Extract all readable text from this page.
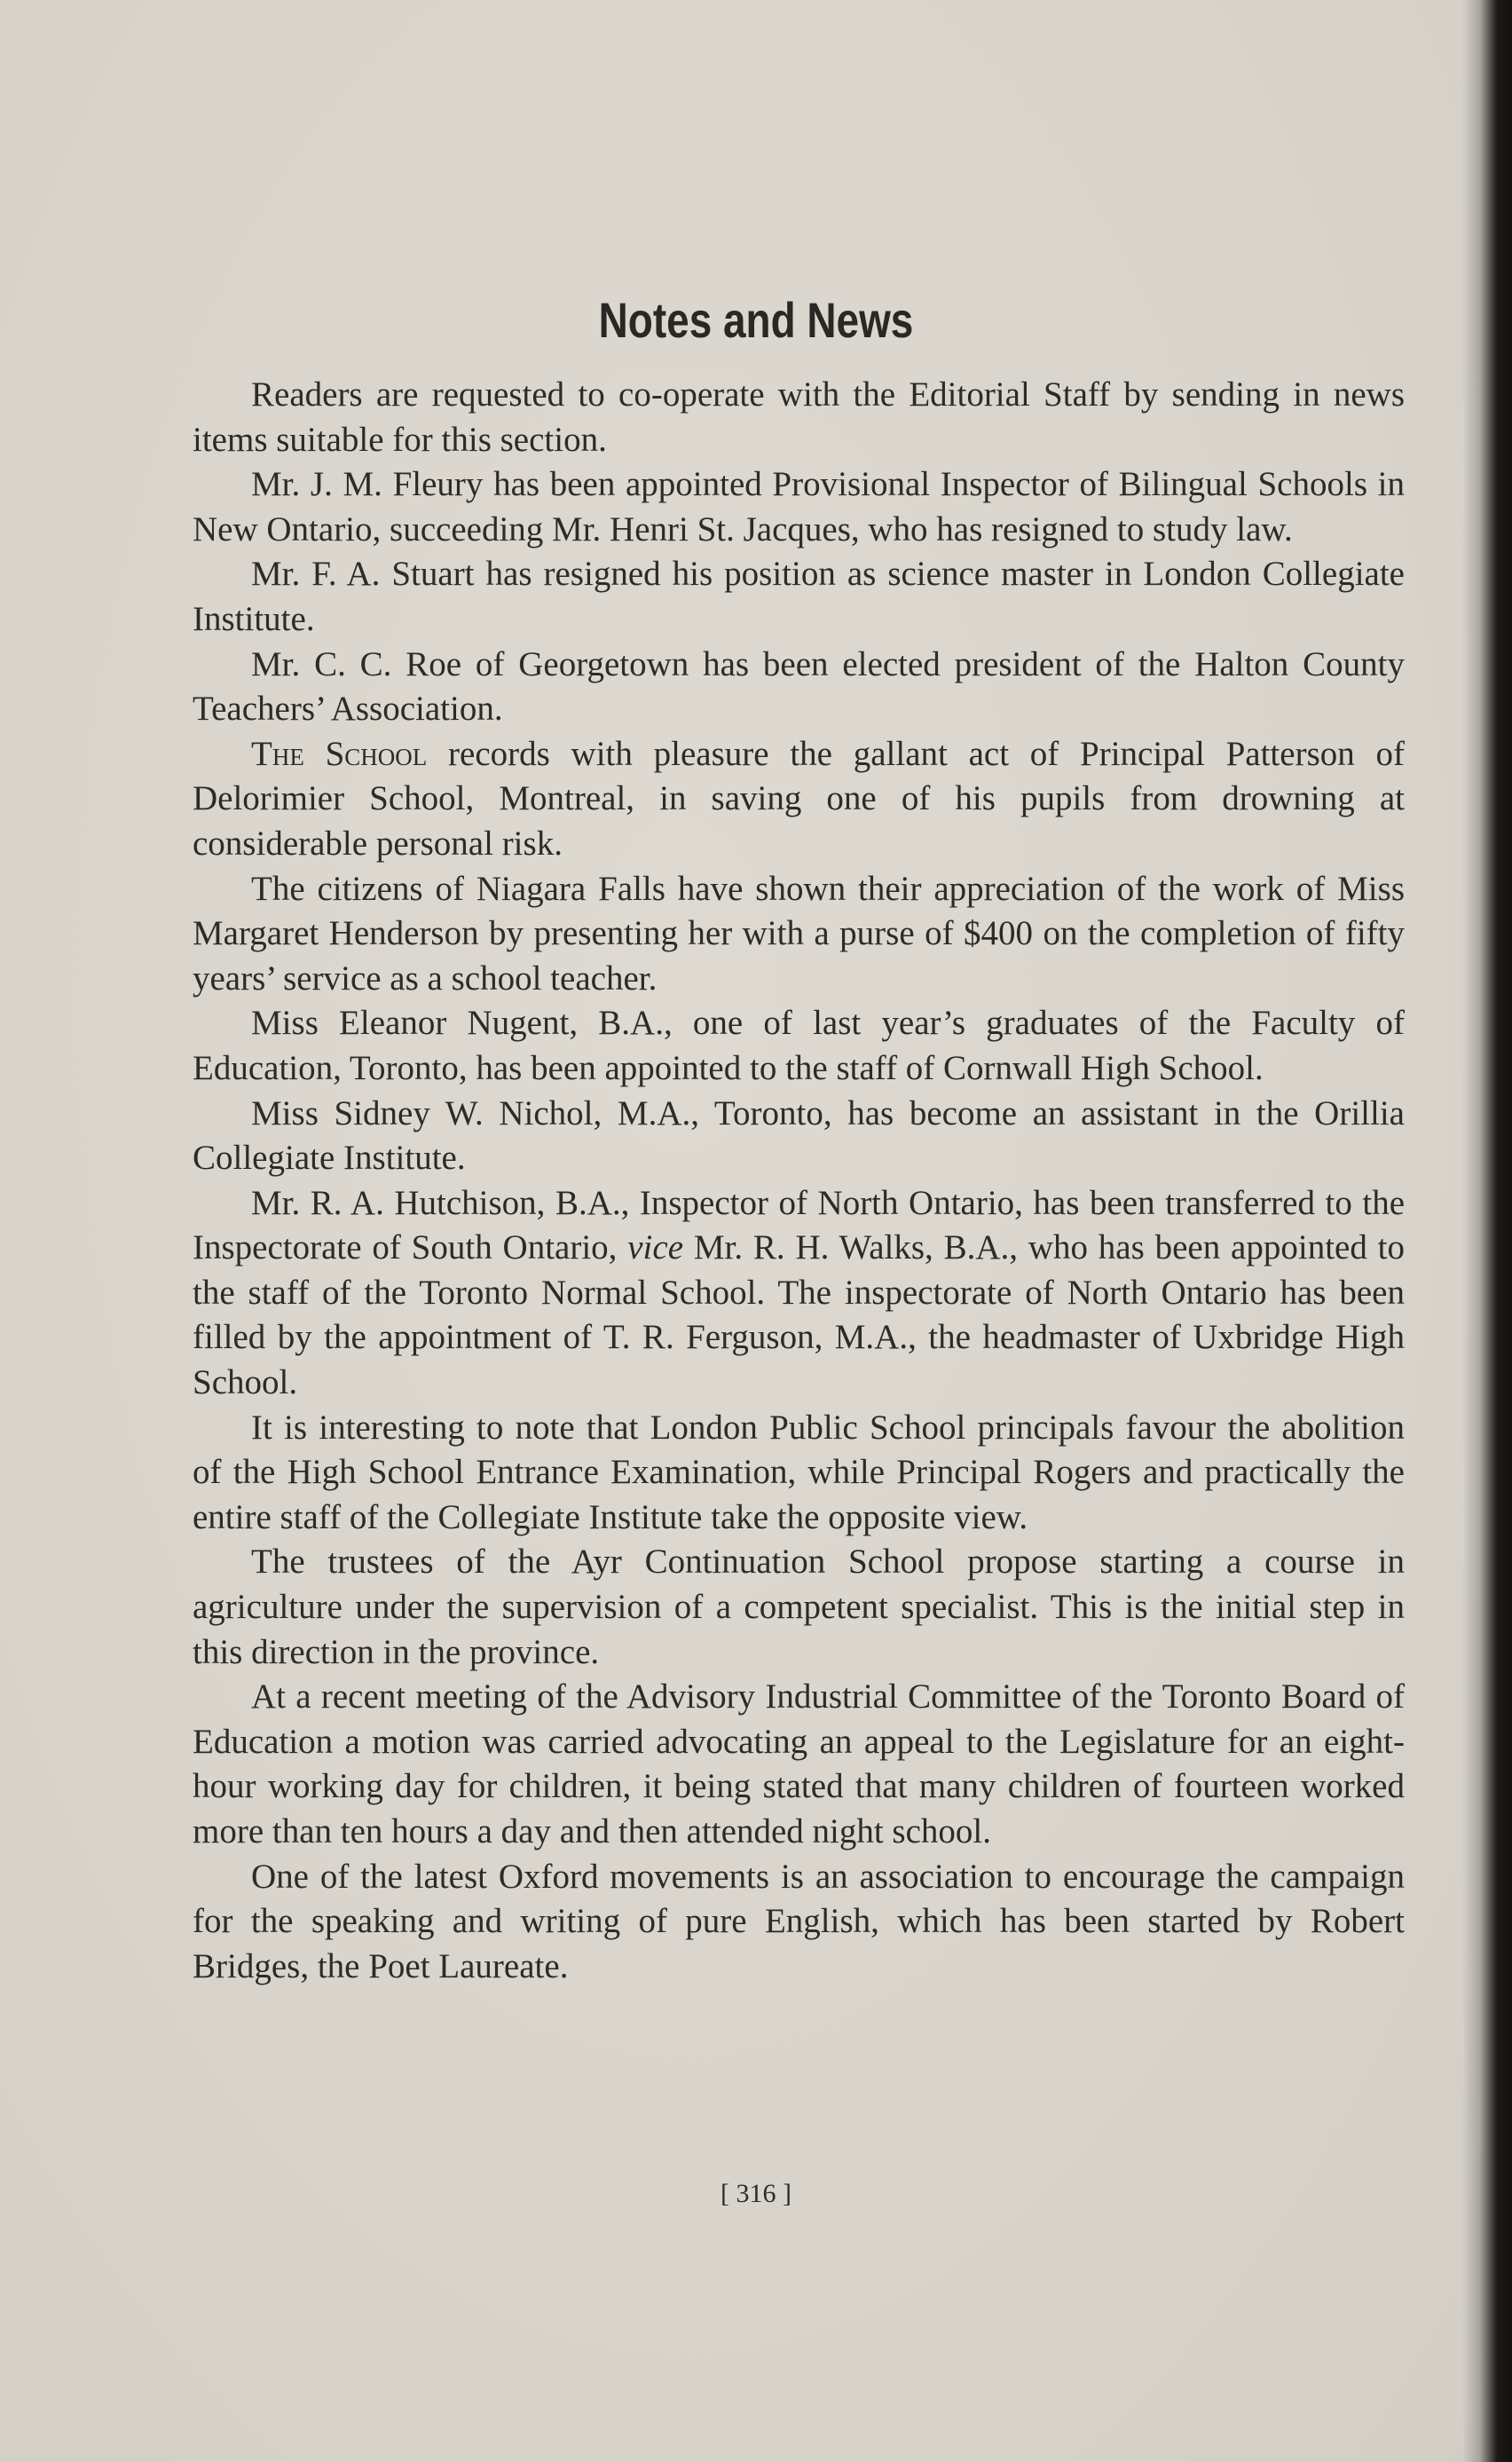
Notes and News

Readers are requested to co-operate with the Editorial Staff by sending in news items suitable for this section.

Mr. J. M. Fleury has been appointed Provisional Inspector of Bilingual Schools in New Ontario, succeeding Mr. Henri St. Jacques, who has resigned to study law.

Mr. F. A. Stuart has resigned his position as science master in London Collegiate Institute.

Mr. C. C. Roe of Georgetown has been elected president of the Halton County Teachers’ Association.

The School records with pleasure the gallant act of Principal Patterson of Delorimier School, Montreal, in saving one of his pupils from drowning at considerable personal risk.

The citizens of Niagara Falls have shown their appreciation of the work of Miss Margaret Henderson by presenting her with a purse of $400 on the completion of fifty years’ service as a school teacher.

Miss Eleanor Nugent, B.A., one of last year’s graduates of the Faculty of Education, Toronto, has been appointed to the staff of Cornwall High School.

Miss Sidney W. Nichol, M.A., Toronto, has become an assistant in the Orillia Collegiate Institute.

Mr. R. A. Hutchison, B.A., Inspector of North Ontario, has been transferred to the Inspectorate of South Ontario, vice Mr. R. H. Walks, B.A., who has been appointed to the staff of the Toronto Normal School. The inspectorate of North Ontario has been filled by the appointment of T. R. Ferguson, M.A., the headmaster of Uxbridge High School.

It is interesting to note that London Public School principals favour the abolition of the High School Entrance Examination, while Principal Rogers and practically the entire staff of the Collegiate Institute take the opposite view.

The trustees of the Ayr Continuation School propose starting a course in agriculture under the supervision of a competent specialist. This is the initial step in this direction in the province.

At a recent meeting of the Advisory Industrial Committee of the Toronto Board of Education a motion was carried advocating an appeal to the Legislature for an eight-hour working day for children, it being stated that many children of fourteen worked more than ten hours a day and then attended night school.

One of the latest Oxford movements is an association to encourage the campaign for the speaking and writing of pure English, which has been started by Robert Bridges, the Poet Laureate.

[ 316 ]
